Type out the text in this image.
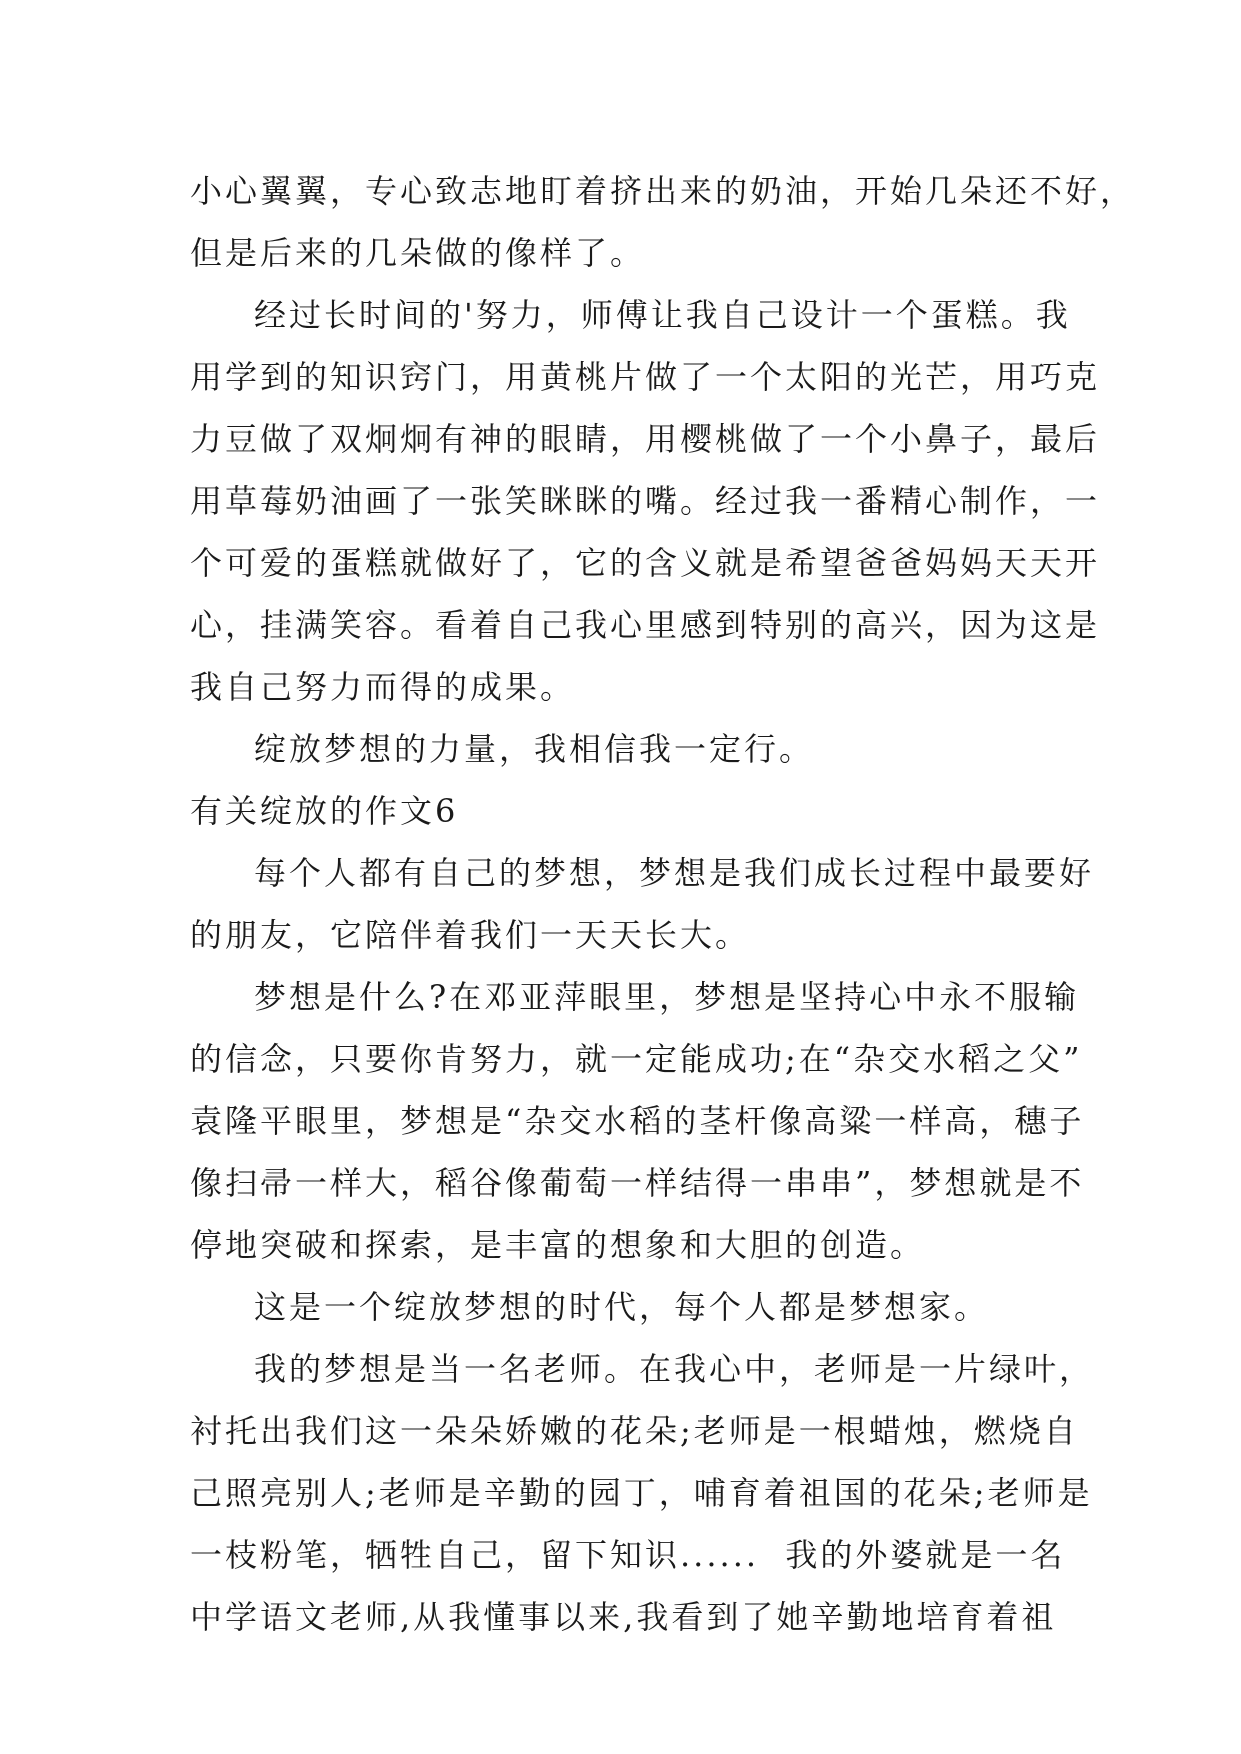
小心翼翼，专心致志地盯着挤出来的奶油，开始几朵还不好，
但是后来的几朵做的像样了。
经过长时间的'努力，师傅让我自己设计一个蛋糕。我
用学到的知识窍门，用黄桃片做了一个太阳的光芒，用巧克
力豆做了双炯炯有神的眼睛，用樱桃做了一个小鼻子，最后
用草莓奶油画了一张笑眯眯的嘴。经过我一番精心制作，一
个可爱的蛋糕就做好了，它的含义就是希望爸爸妈妈天天开
心，挂满笑容。看着自己我心里感到特别的高兴，因为这是
我自己努力而得的成果。
绽放梦想的力量，我相信我一定行。
有关绽放的作文6
每个人都有自己的梦想，梦想是我们成长过程中最要好
的朋友，它陪伴着我们一天天长大。
梦想是什么?在邓亚萍眼里，梦想是坚持心中永不服输
的信念，只要你肯努力，就一定能成功;在“杂交水稻之父”
袁隆平眼里，梦想是“杂交水稻的茎杆像高粱一样高，穗子
像扫帚一样大，稻谷像葡萄一样结得一串串”，梦想就是不
停地突破和探索，是丰富的想象和大胆的创造。
这是一个绽放梦想的时代，每个人都是梦想家。
我的梦想是当一名老师。在我心中，老师是一片绿叶，
衬托出我们这一朵朵娇嫩的花朵;老师是一根蜡烛，燃烧自
己照亮别人;老师是辛勤的园丁，哺育着祖国的花朵;老师是
一枝粉笔，牺牲自己，留下知识......  我的外婆就是一名
中学语文老师,从我懂事以来,我看到了她辛勤地培育着祖
